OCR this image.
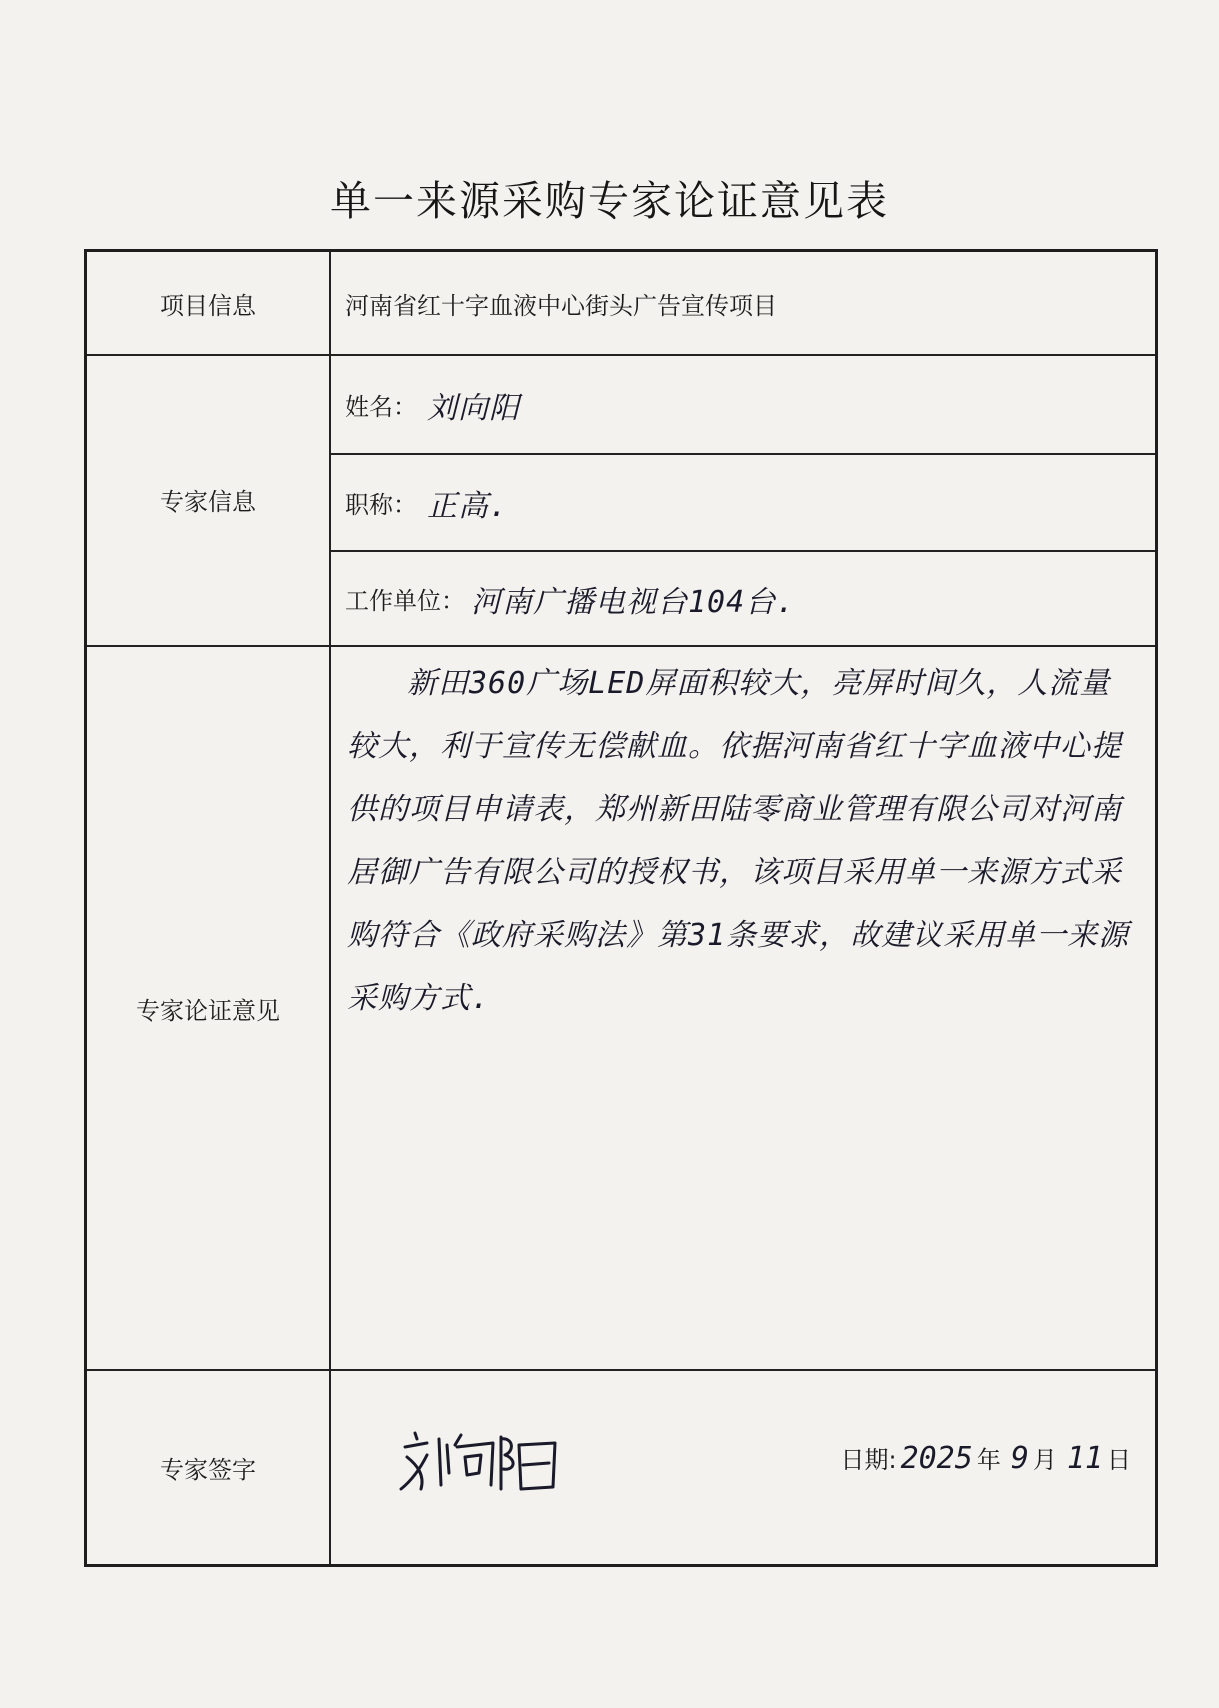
单一来源采购专家论证意见表
项目信息	河南省红十字血液中心街头广告宣传项目
专家信息
姓名： 刘向阳
职称： 正高.
工作单位： 河南广播电视台104台.
专家论证意见
新田360广场LED屏面积较大，亮屏时间久，人流量较大，利于宣传无偿献血。依据河南省红十字血液中心提供的项目申请表，郑州新田陆零商业管理有限公司对河南居御广告有限公司的授权书，该项目采用单一来源方式采购符合《政府采购法》第31条要求，故建议采用单一来源采购方式.
专家签字
刘向阳
日期: 2025 年 9 月 11 日
